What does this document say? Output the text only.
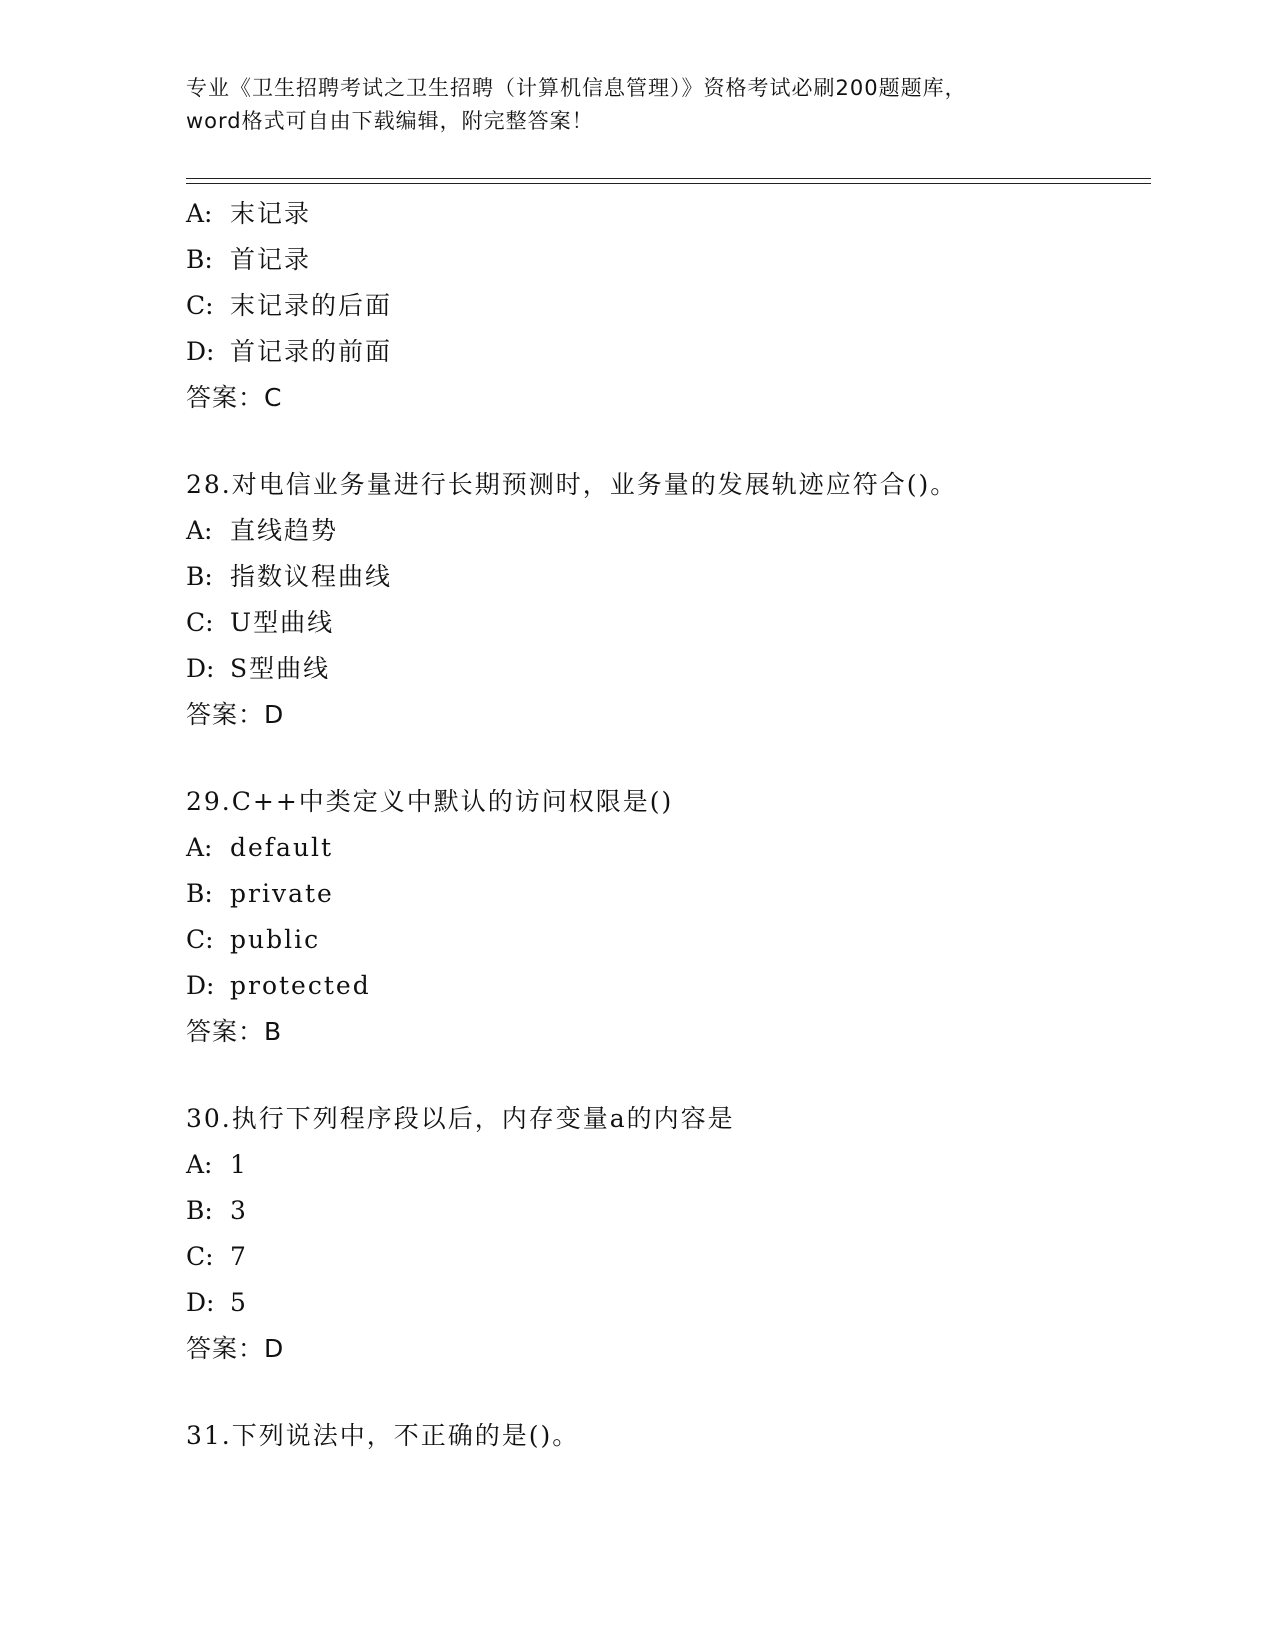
专业《卫生招聘考试之卫生招聘（计算机信息管理）》资格考试必刷200题题库，
word格式可自由下载编辑，附完整答案！
A: 末记录
B: 首记录
C: 末记录的后面
D: 首记录的前面
答案：C
28.对电信业务量进行长期预测时，业务量的发展轨迹应符合()。
A: 直线趋势
B: 指数议程曲线
C: U型曲线
D: S型曲线
答案：D
29.C++中类定义中默认的访问权限是()
A: default
B: private
C: public
D: protected
答案：B
30.执行下列程序段以后，内存变量a的内容是
A: 1
B: 3
C: 7
D: 5
答案：D
31.下列说法中，不正确的是()。
